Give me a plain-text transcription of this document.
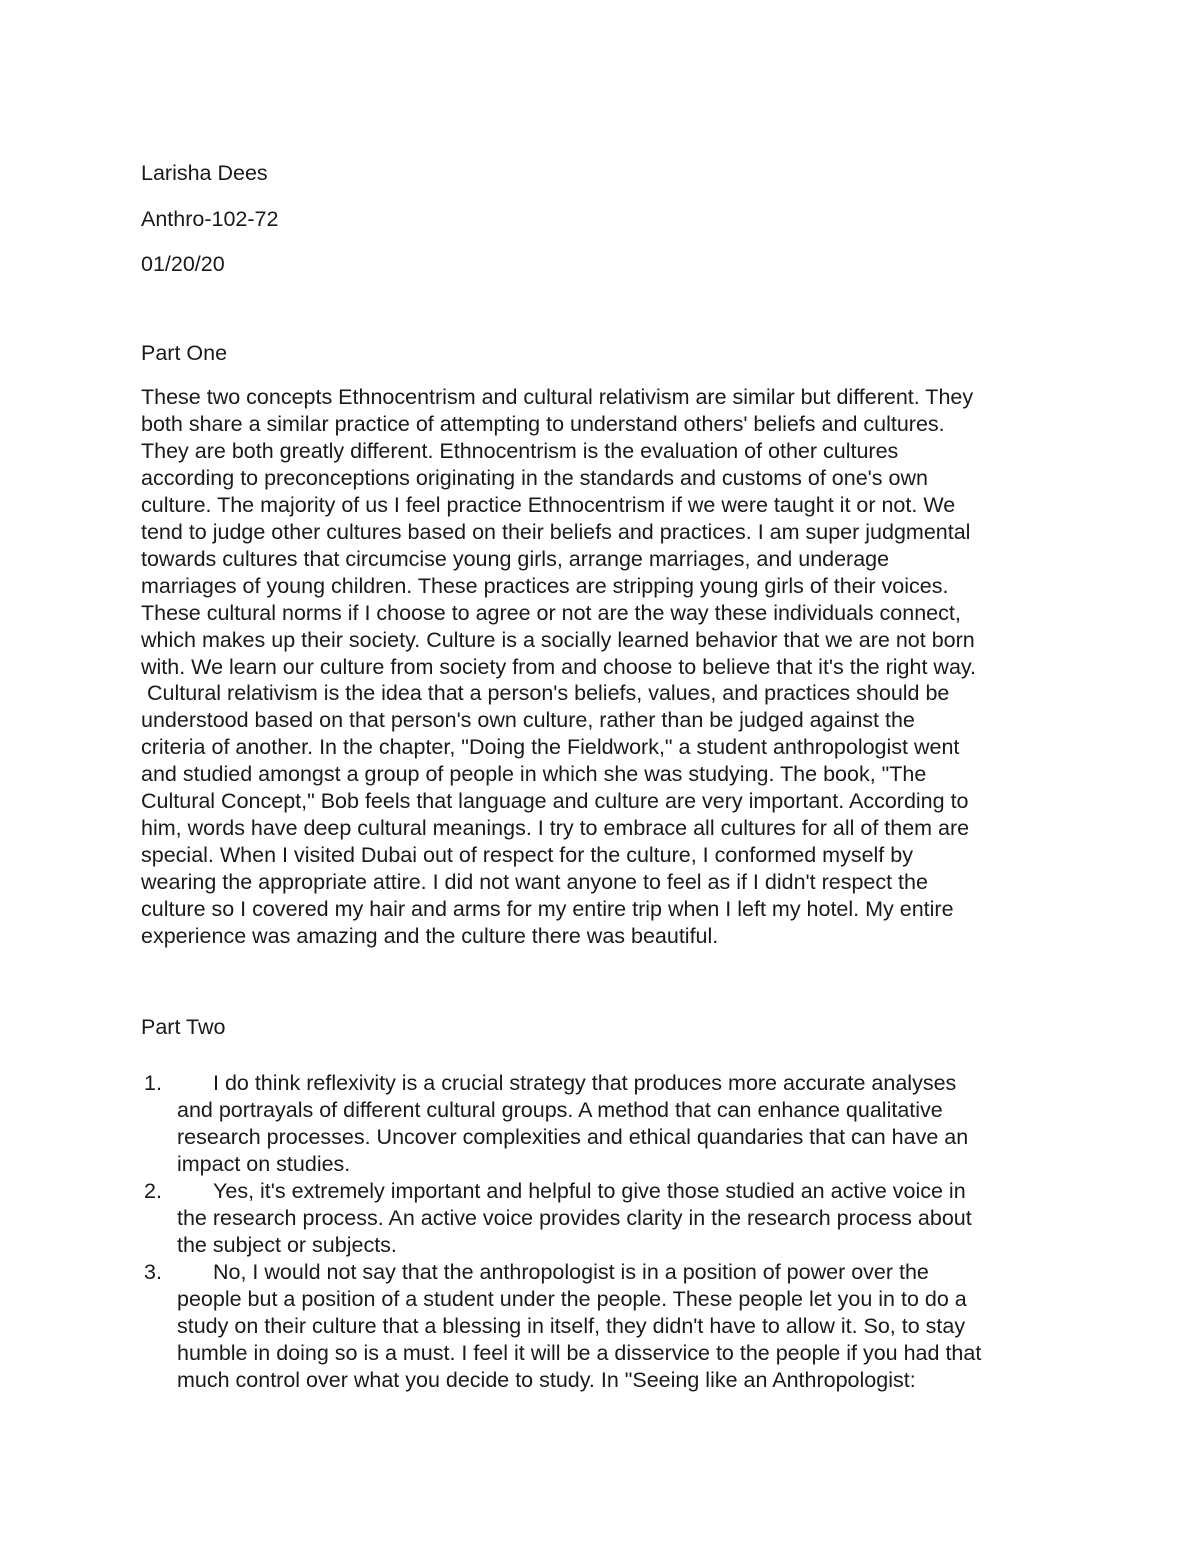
Larisha Dees

Anthro-102-72

01/20/20

Part One

These two concepts Ethnocentrism and cultural relativism are similar but different. They
both share a similar practice of attempting to understand others' beliefs and cultures.
They are both greatly different. Ethnocentrism is the evaluation of other cultures
according to preconceptions originating in the standards and customs of one's own
culture. The majority of us I feel practice Ethnocentrism if we were taught it or not. We
tend to judge other cultures based on their beliefs and practices. I am super judgmental
towards cultures that circumcise young girls, arrange marriages, and underage
marriages of young children. These practices are stripping young girls of their voices.
These cultural norms if I choose to agree or not are the way these individuals connect,
which makes up their society. Culture is a socially learned behavior that we are not born
with. We learn our culture from society from and choose to believe that it's the right way.
Cultural relativism is the idea that a person's beliefs, values, and practices should be
understood based on that person's own culture, rather than be judged against the
criteria of another. In the chapter, "Doing the Fieldwork," a student anthropologist went
and studied amongst a group of people in which she was studying. The book, "The
Cultural Concept," Bob feels that language and culture are very important. According to
him, words have deep cultural meanings. I try to embrace all cultures for all of them are
special. When I visited Dubai out of respect for the culture, I conformed myself by
wearing the appropriate attire. I did not want anyone to feel as if I didn't respect the
culture so I covered my hair and arms for my entire trip when I left my hotel. My entire
experience was amazing and the culture there was beautiful.

Part Two

1.	I do think reflexivity is a crucial strategy that produces more accurate analyses
and portrayals of different cultural groups. A method that can enhance qualitative
research processes. Uncover complexities and ethical quandaries that can have an
impact on studies.
2.	Yes, it's extremely important and helpful to give those studied an active voice in
the research process. An active voice provides clarity in the research process about
the subject or subjects.
3.	No, I would not say that the anthropologist is in a position of power over the
people but a position of a student under the people. These people let you in to do a
study on their culture that a blessing in itself, they didn't have to allow it. So, to stay
humble in doing so is a must. I feel it will be a disservice to the people if you had that
much control over what you decide to study. In "Seeing like an Anthropologist:
